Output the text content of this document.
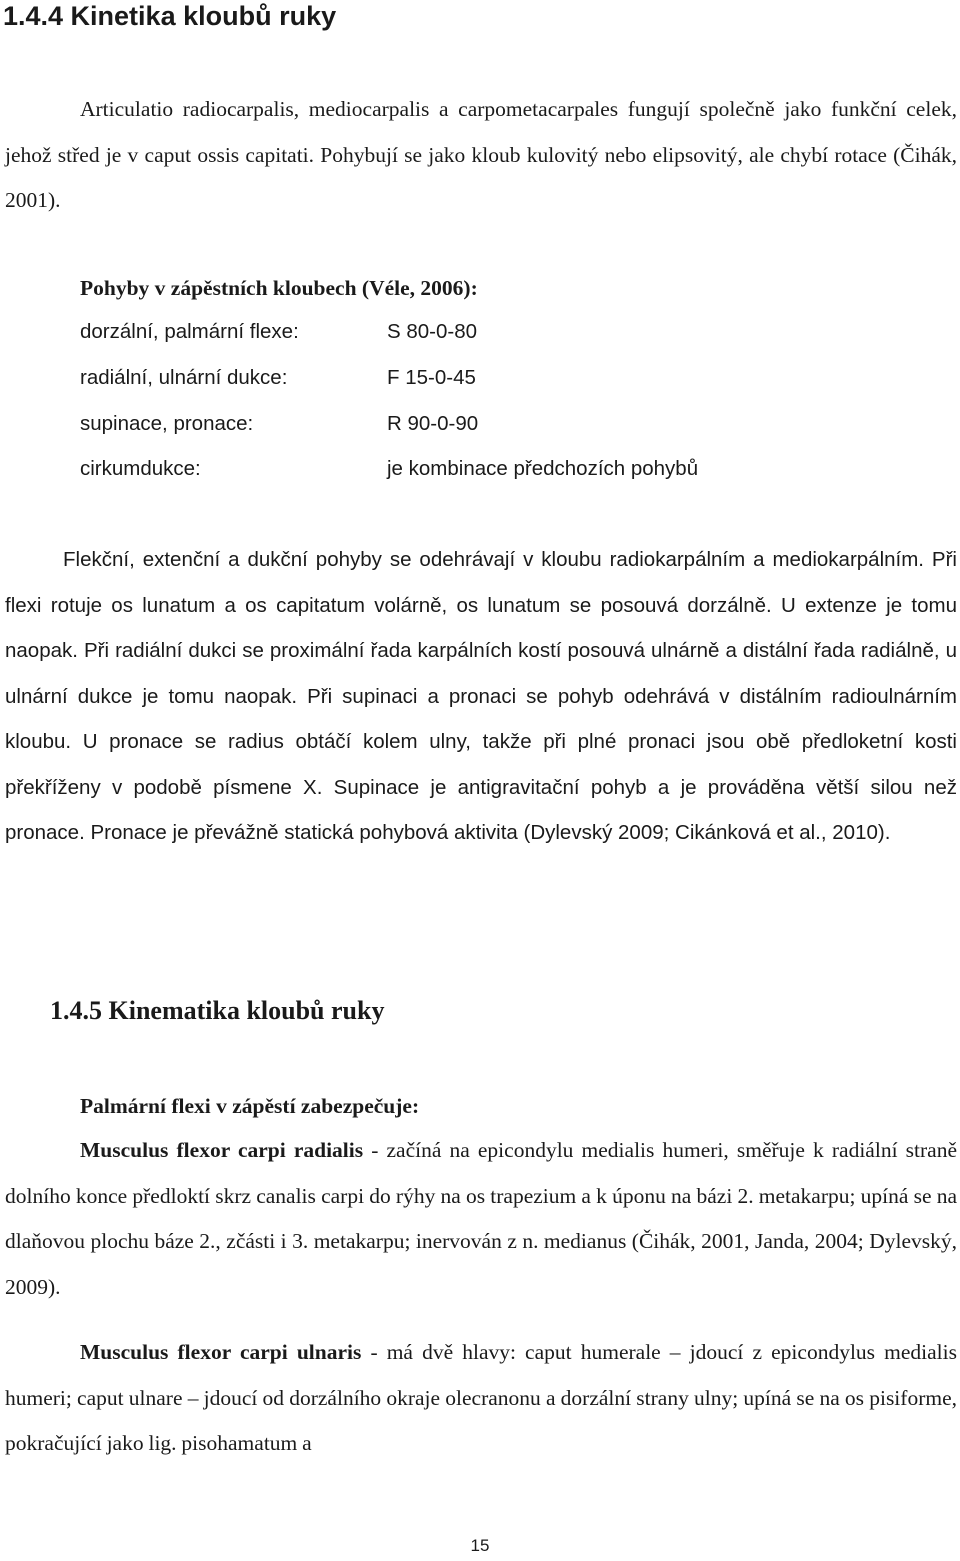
1.4.4 Kinetika kloubů ruky

Articulatio radiocarpalis, mediocarpalis a carpometacarpales fungují společně jako funkční celek, jehož střed je v caput ossis capitati. Pohybují se jako kloub kulovitý nebo elipsovitý, ale chybí rotace (Čihák, 2001).

Pohyby v zápěstních kloubech (Véle, 2006):
dorzální, palmární flexe:	S 80-0-80
radiální, ulnární dukce:	F 15-0-45
supinace, pronace:	R 90-0-90
cirkumdukce:	je kombinace předchozích pohybů

Flekční, extenční a dukční pohyby se odehrávají v kloubu radiokarpálním a mediokarpálním. Při flexi rotuje os lunatum a os capitatum volárně, os lunatum se posouvá dorzálně. U extenze je tomu naopak. Při radiální dukci se proximální řada karpálních kostí posouvá ulnárně a distální řada radiálně, u ulnární dukce je tomu naopak. Při supinaci a pronaci se pohyb odehrává v distálním radioulnárním kloubu. U pronace se radius obtáčí kolem ulny, takže při plné pronaci jsou obě předloketní kosti překříženy v podobě písmene X. Supinace je antigravitační pohyb a je prováděna větší silou než pronace. Pronace je převážně statická pohybová aktivita (Dylevský 2009; Cikánková et al., 2010).

1.4.5 Kinematika kloubů ruky
Palmární flexi v zápěstí zabezpečuje:

Musculus flexor carpi radialis - začíná na epicondylu medialis humeri, směřuje k radiální straně dolního konce předloktí skrz canalis carpi do rýhy na os trapezium a k úponu na bázi 2. metakarpu; upíná se na dlaňovou plochu báze 2., zčásti i 3. metakarpu; inervován z n. medianus (Čihák, 2001, Janda, 2004; Dylevský, 2009).

Musculus flexor carpi ulnaris - má dvě hlavy: caput humerale – jdoucí z epicondylus medialis humeri; caput ulnare – jdoucí od dorzálního okraje olecranonu a dorzální strany ulny; upíná se na os pisiforme, pokračující jako lig. pisohamatum a

15
